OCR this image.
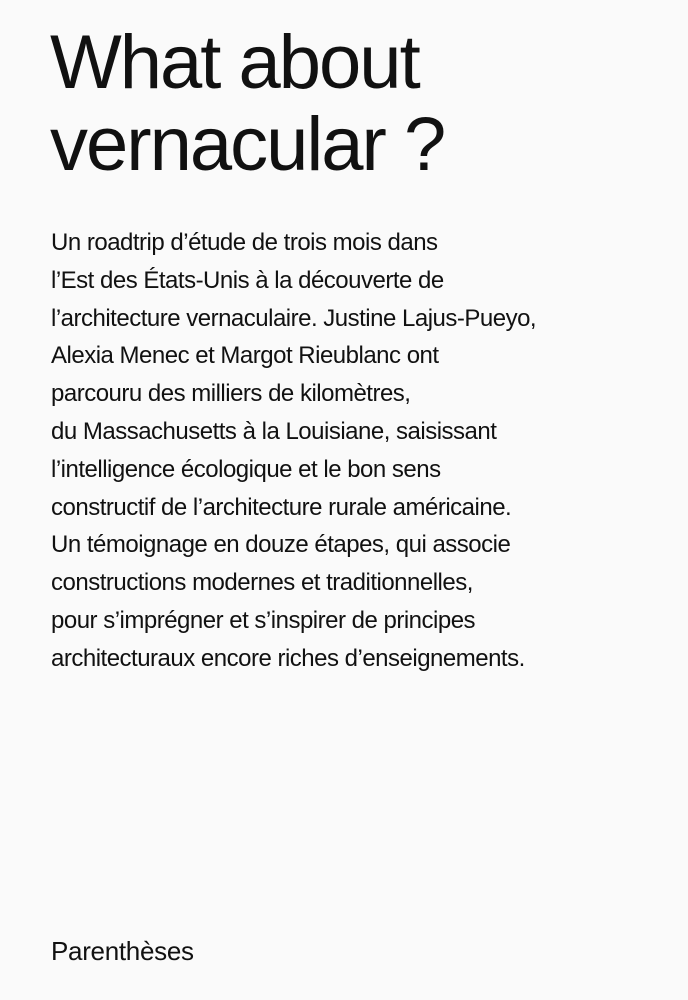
What about
vernacular ?
Un roadtrip d’étude de trois mois dans
l’Est des États-Unis à la découverte de
l’architecture vernaculaire. Justine Lajus-Pueyo,
Alexia Menec et Margot Rieublanc ont
parcouru des milliers de kilomètres,
du Massachusetts à la Louisiane, saisissant
l’intelligence écologique et le bon sens
constructif de l’architecture rurale américaine.
Un témoignage en douze étapes, qui associe
constructions modernes et traditionnelles,
pour s’imprégner et s’inspirer de principes
architecturaux encore riches d’enseignements.
Parenthèses
